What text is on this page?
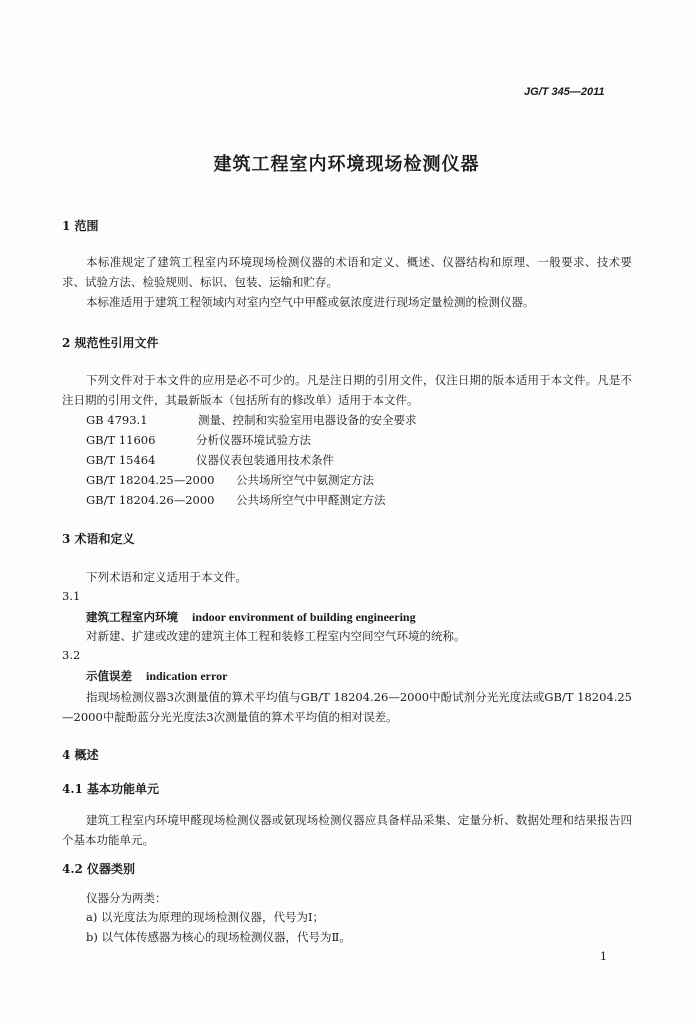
JG/T 345—2011
建筑工程室内环境现场检测仪器
1 范围
本标准规定了建筑工程室内环境现场检测仪器的术语和定义、概述、仪器结构和原理、一般要求、技术要求、试验方法、检验规则、标识、包装、运输和贮存。
本标准适用于建筑工程领域内对室内空气中甲醛或氨浓度进行现场定量检测的检测仪器。
2 规范性引用文件
下列文件对于本文件的应用是必不可少的。凡是注日期的引用文件，仅注日期的版本适用于本文件。凡是不注日期的引用文件，其最新版本（包括所有的修改单）适用于本文件。
GB 4793.1	测量、控制和实验室用电器设备的安全要求
GB/T 11606	分析仪器环境试验方法
GB/T 15464	仪器仪表包装通用技术条件
GB/T 18204.25—2000 公共场所空气中氨测定方法
GB/T 18204.26—2000 公共场所空气中甲醛测定方法
3 术语和定义
下列术语和定义适用于本文件。
3.1
建筑工程室内环境 indoor environment of building engineering
对新建、扩建或改建的建筑主体工程和装修工程室内空间空气环境的统称。
3.2
示值误差 indication error
指现场检测仪器3次测量值的算术平均值与GB/T 18204.26—2000中酚试剂分光光度法或GB/T 18204.25—2000中靛酚蓝分光光度法3次测量值的算术平均值的相对误差。
4 概述
4.1 基本功能单元
建筑工程室内环境甲醛现场检测仪器或氨现场检测仪器应具备样品采集、定量分析、数据处理和结果报告四个基本功能单元。
4.2 仪器类别
仪器分为两类：
a) 以光度法为原理的现场检测仪器，代号为Ⅰ；
b) 以气体传感器为核心的现场检测仪器，代号为Ⅱ。
1
